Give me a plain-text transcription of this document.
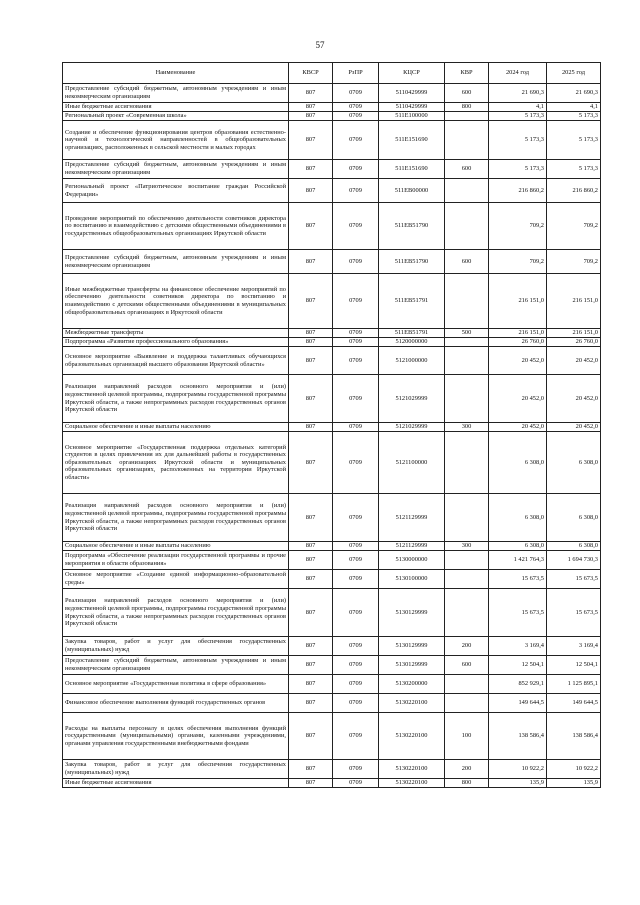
57
Наименование	КВСР	РзПР	КЦСР	КВР	2024 год	2025 год
Предоставление субсидий бюджетным, автономным учреждениям и иным некоммерческим организациям	807	0709	5110429999	600	21 690,3	21 690,3
Иные бюджетные ассигнования	807	0709	5110429999	800	4,1	4,1
Региональный проект «Современная школа»	807	0709	511E100000		5 173,3	5 173,3
Создание и обеспечение функционирования центров образования естественно-научной и технологической направленностей в общеобразовательных организациях, расположенных в сельской местности и малых городах	807	0709	511E151690		5 173,3	5 173,3
Предоставление субсидий бюджетным, автономным учреждениям и иным некоммерческим организациям	807	0709	511E151690	600	5 173,3	5 173,3
Региональный проект «Патриотическое воспитание граждан Российской Федерации»	807	0709	511EB00000		216 860,2	216 860,2
Проведение мероприятий по обеспечению деятельности советников директора по воспитанию и взаимодействию с детскими общественными объединениями в государственных общеобразовательных организациях Иркутской области	807	0709	511EB51790		709,2	709,2
Предоставление субсидий бюджетным, автономным учреждениям и иным некоммерческим организациям	807	0709	511EB51790	600	709,2	709,2
Иные межбюджетные трансферты на финансовое обеспечение мероприятий по обеспечению деятельности советников директора по воспитанию и взаимодействию с детскими общественными объединениями в муниципальных общеобразовательных организациях в Иркутской области	807	0709	511EB51791		216 151,0	216 151,0
Межбюджетные трансферты	807	0709	511EB51791	500	216 151,0	216 151,0
Подпрограмма «Развитие профессионального образования»	807	0709	5120000000		26 760,0	26 760,0
Основное мероприятие «Выявление и поддержка талантливых обучающихся образовательных организаций высшего образования Иркутской области»	807	0709	5121000000		20 452,0	20 452,0
Реализация направлений расходов основного мероприятия и (или) ведомственной целевой программы, подпрограммы государственной программы Иркутской области, а также непрограммных расходов государственных органов Иркутской области	807	0709	5121029999		20 452,0	20 452,0
Социальное обеспечение и иные выплаты населению	807	0709	5121029999	300	20 452,0	20 452,0
Основное мероприятие «Государственная поддержка отдельных категорий студентов в целях привлечения их для дальнейшей работы в государственных образовательных организациях Иркутской области и муниципальных образовательных организациях, расположенных на территории Иркутской области»	807	0709	5121100000		6 308,0	6 308,0
Реализация направлений расходов основного мероприятия и (или) ведомственной целевой программы, подпрограммы государственной программы Иркутской области, а также непрограммных расходов государственных органов Иркутской области	807	0709	5121129999		6 308,0	6 308,0
Социальное обеспечение и иные выплаты населению	807	0709	5121129999	300	6 308,0	6 308,0
Подпрограмма «Обеспечение реализации государственной программы и прочие мероприятия в области образования»	807	0709	5130000000		1 421 764,3	1 694 730,3
Основное мероприятие «Создание единой информационно-образовательной среды»	807	0709	5130100000		15 673,5	15 673,5
Реализация направлений расходов основного мероприятия и (или) ведомственной целевой программы, подпрограммы государственной программы Иркутской области, а также непрограммных расходов государственных органов Иркутской области	807	0709	5130129999		15 673,5	15 673,5
Закупка товаров, работ и услуг для обеспечения государственных (муниципальных) нужд	807	0709	5130129999	200	3 169,4	3 169,4
Предоставление субсидий бюджетным, автономным учреждениям и иным некоммерческим организациям	807	0709	5130129999	600	12 504,1	12 504,1
Основное мероприятие «Государственная политика в сфере образования»	807	0709	5130200000		852 929,1	1 125 895,1
Финансовое обеспечение выполнения функций государственных органов	807	0709	5130220100		149 644,5	149 644,5
Расходы на выплаты персоналу в целях обеспечения выполнения функций государственными (муниципальными) органами, казенными учреждениями, органами управления государственными внебюджетными фондами	807	0709	5130220100	100	138 586,4	138 586,4
Закупка товаров, работ и услуг для обеспечения государственных (муниципальных) нужд	807	0709	5130220100	200	10 922,2	10 922,2
Иные бюджетные ассигнования	807	0709	5130220100	800	135,9	135,9
